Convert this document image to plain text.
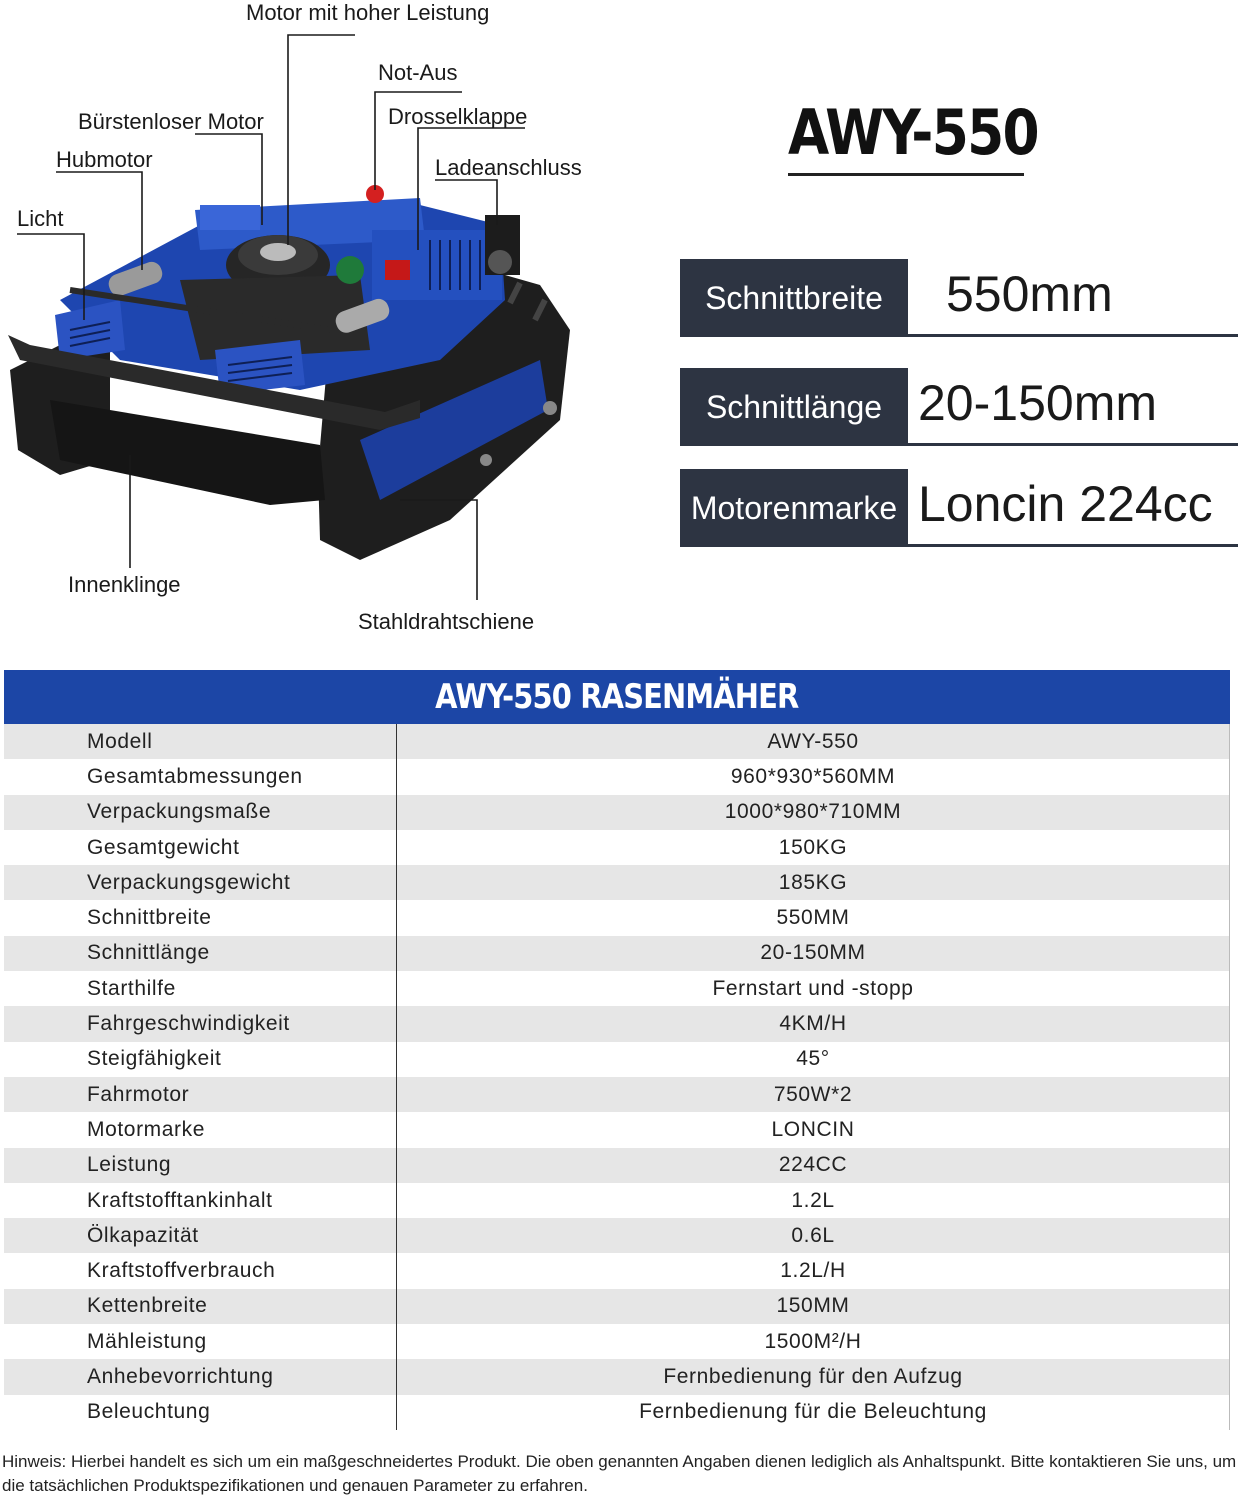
Motor mit hoher Leistung
Not-Aus
Bürstenloser Motor	Drosselklappe
Hubmotor	Ladeanschluss
Licht
Innenklinge
Stahldrahtschiene
AWY-550
Schnittbreite	550mm
Schnittlänge 20-150mm
Motorenmarke Loncin 224cc
AWY-550 RASENMÄHER
Modell	AWY-550
Gesamtabmessungen	960*930*560MM
Verpackungsmaße	1000*980*710MM
Gesamtgewicht	150KG
Verpackungsgewicht	185KG
Schnittbreite	550MM
Schnittlänge	20-150MM
Starthilfe	Fernstart und -stopp
Fahrgeschwindigkeit	4KM/H
Steigfähigkeit	45°
Fahrmotor	750W*2
Motormarke	LONCIN
Leistung	224CC
Kraftstofftankinhalt	1.2L
Ölkapazität	0.6L
Kraftstoffverbrauch	1.2L/H
Kettenbreite	150MM
Mähleistung	1500M²/H
Anhebevorrichtung	Fernbedienung für den Aufzug
Beleuchtung	Fernbedienung für die Beleuchtung
Hinweis: Hierbei handelt es sich um ein maßgeschneidertes Produkt. Die oben genannten Angaben dienen lediglich als Anhaltspunkt. Bitte kontaktieren Sie uns, um die tatsächlichen Produktspezifikationen und genauen Parameter zu erfahren.
